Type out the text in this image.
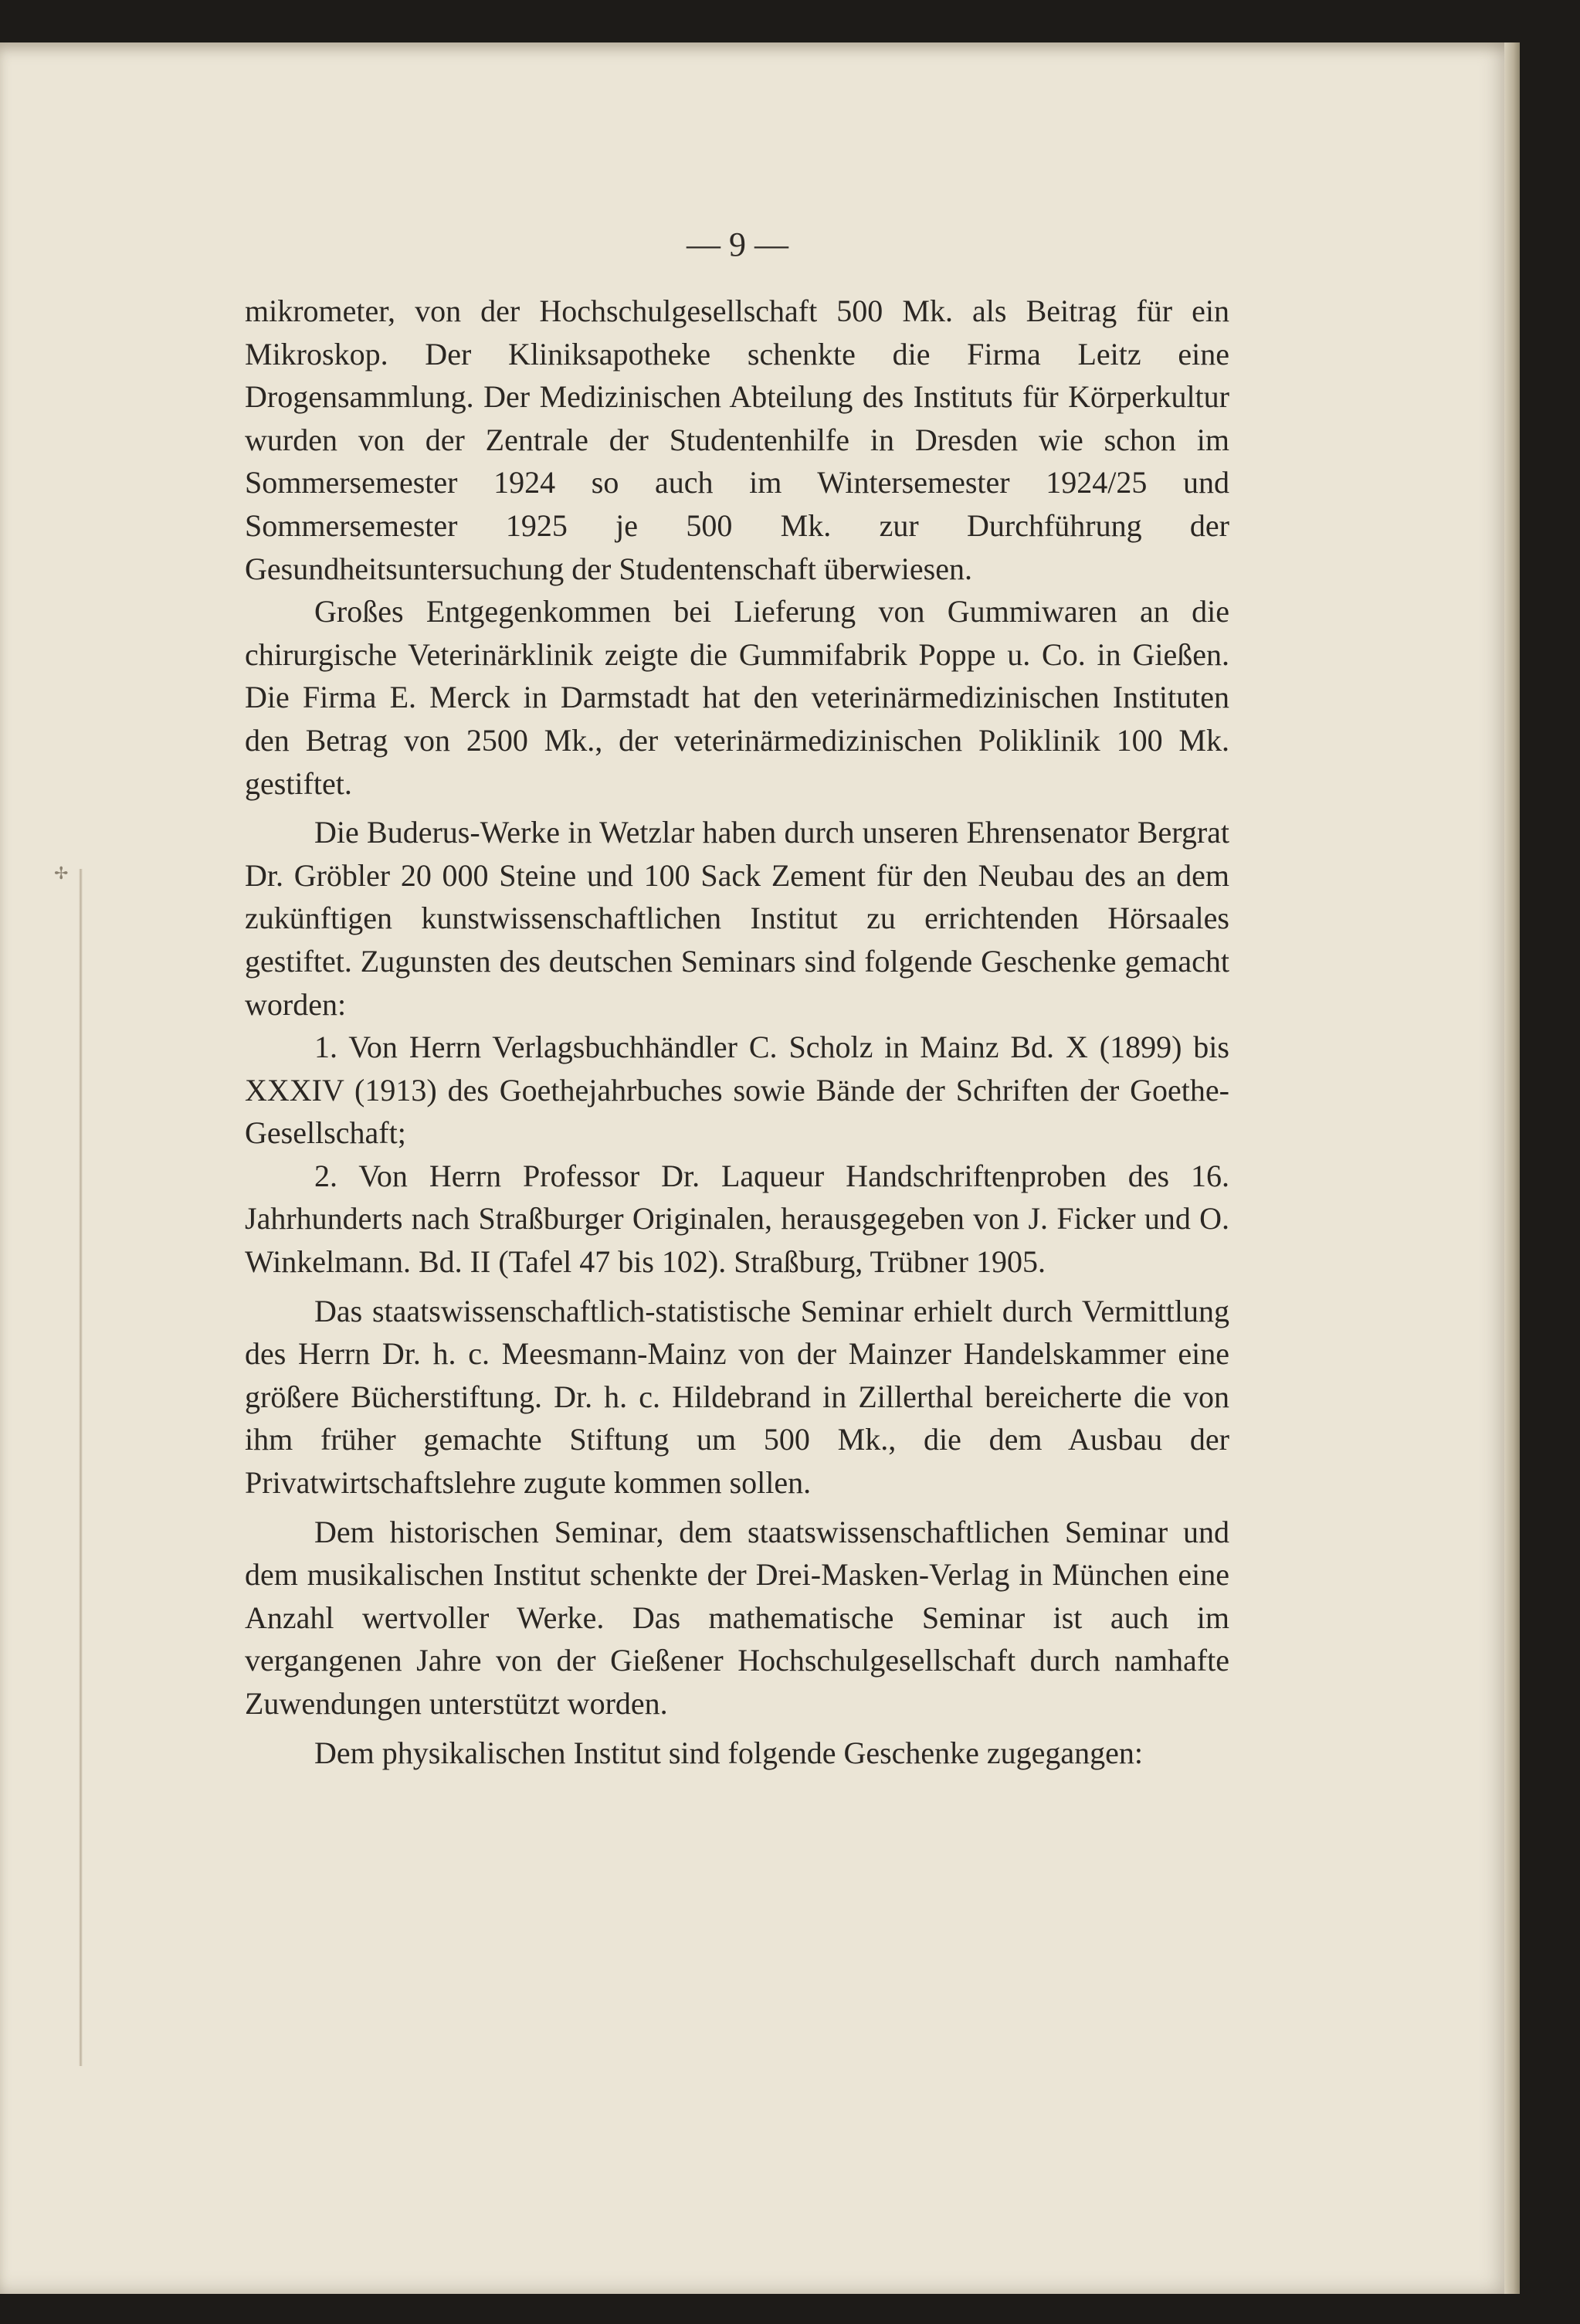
✢
— 9 —

mikrometer, von der Hochschulgesellschaft 500 Mk. als Beitrag für ein Mikroskop. Der Kliniksapotheke schenkte die Firma Leitz eine Drogensammlung. Der Medizinischen Abteilung des Instituts für Körperkultur wurden von der Zentrale der Studentenhilfe in Dresden wie schon im Sommersemester 1924 so auch im Wintersemester 1924/25 und Sommersemester 1925 je 500 Mk. zur Durchführung der Gesundheitsuntersuchung der Studentenschaft überwiesen.

Großes Entgegenkommen bei Lieferung von Gummiwaren an die chirurgische Veterinärklinik zeigte die Gummifabrik Poppe u. Co. in Gießen. Die Firma E. Merck in Darmstadt hat den veterinärmedizinischen Instituten den Betrag von 2500 Mk., der veterinärmedizinischen Poliklinik 100 Mk. gestiftet.

Die Buderus-Werke in Wetzlar haben durch unseren Ehrensenator Bergrat Dr. Gröbler 20 000 Steine und 100 Sack Zement für den Neubau des an dem zukünftigen kunstwissenschaftlichen Institut zu errichtenden Hörsaales gestiftet. Zugunsten des deutschen Seminars sind folgende Geschenke gemacht worden:

1. Von Herrn Verlagsbuchhändler C. Scholz in Mainz Bd. X (1899) bis XXXIV (1913) des Goethejahrbuches sowie Bände der Schriften der Goethe-Gesellschaft;

2. Von Herrn Professor Dr. Laqueur Handschriftenproben des 16. Jahrhunderts nach Straßburger Originalen, herausgegeben von J. Ficker und O. Winkelmann. Bd. II (Tafel 47 bis 102). Straßburg, Trübner 1905.

Das staatswissenschaftlich-statistische Seminar erhielt durch Vermittlung des Herrn Dr. h. c. Meesmann-Mainz von der Mainzer Handelskammer eine größere Bücherstiftung. Dr. h. c. Hildebrand in Zillerthal bereicherte die von ihm früher gemachte Stiftung um 500 Mk., die dem Ausbau der Privatwirtschaftslehre zugute kommen sollen.

Dem historischen Seminar, dem staatswissenschaftlichen Seminar und dem musikalischen Institut schenkte der Drei-Masken-Verlag in München eine Anzahl wertvoller Werke. Das mathematische Seminar ist auch im vergangenen Jahre von der Gießener Hochschulgesellschaft durch namhafte Zuwendungen unterstützt worden.

Dem physikalischen Institut sind folgende Geschenke zugegangen:
